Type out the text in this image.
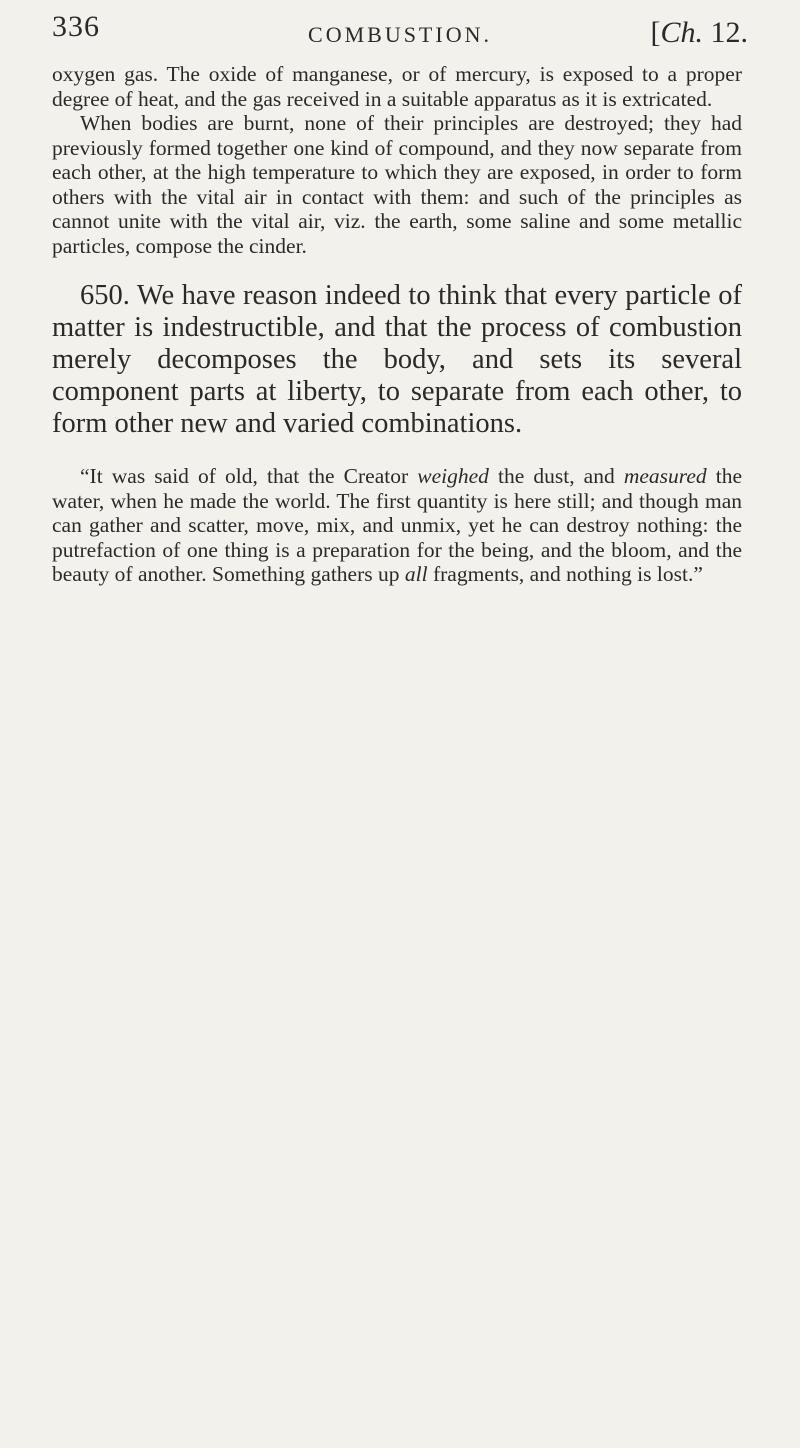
336	COMBUSTION.	[Ch. 12.

oxygen gas. The oxide of manganese, or of mercury, is exposed to a proper degree of heat, and the gas received in a suitable apparatus as it is extricated.

When bodies are burnt, none of their principles are destroyed; they had previously formed together one kind of compound, and they now separate from each other, at the high temperature to which they are exposed, in order to form others with the vital air in contact with them: and such of the principles as cannot unite with the vital air, viz. the earth, some saline and some metallic particles, compose the cinder.

650. We have reason indeed to think that every particle of matter is indestructible, and that the process of combustion merely decomposes the body, and sets its several component parts at liberty, to separate from each other, to form other new and varied combinations.

“It was said of old, that the Creator weighed the dust, and measured the water, when he made the world. The first quantity is here still; and though man can gather and scatter, move, mix, and unmix, yet he can destroy nothing: the putrefaction of one thing is a preparation for the being, and the bloom, and the beauty of another. Something gathers up all fragments, and nothing is lost.”
